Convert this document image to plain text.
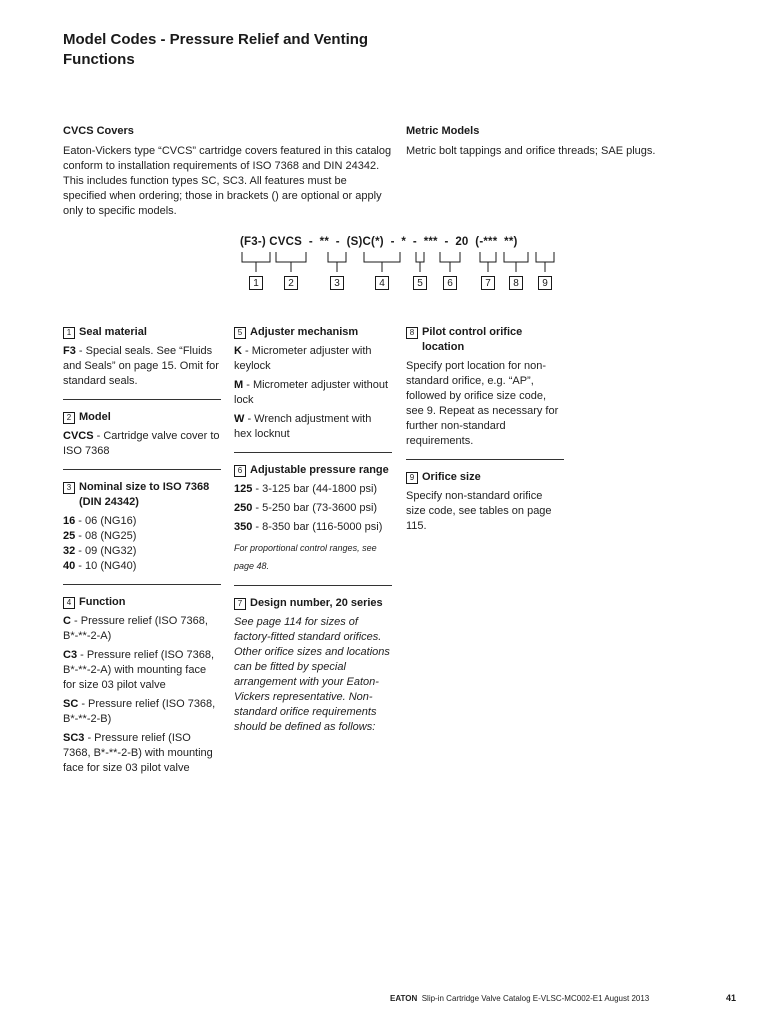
Model Codes - Pressure Relief and Venting Functions

CVCS Covers

Eaton-Vickers type “CVCS” cartridge covers featured in this catalog conform to installation requirements of ISO 7368 and DIN 24342. This includes function types SC, SC3. All features must be specified when ordering; those in brackets () are optional or apply only to specific models.

Metric Models

Metric bolt tappings and orifice threads; SAE plugs.

(F3-) CVCS  -  **  -  (S)C(*)  -  *  -  ***  -  20  (-***  **)
1	2	3	4	5	6	7	8	9
1 Seal material

F3 - Special seals. See “Fluids and Seals” on page 15. Omit for standard seals.

2 Model

CVCS - Cartridge valve cover to ISO 7368

3 Nominal size to ISO 7368 (DIN 24342)

16 - 06 (NG16)

25 - 08 (NG25)

32 - 09 (NG32)

40 - 10 (NG40)

4 Function

C - Pressure relief (ISO 7368, B*-**-2-A)

C3 - Pressure relief (ISO 7368, B*-**-2-A) with mounting face for size 03 pilot valve

SC - Pressure relief (ISO 7368, B*-**-2-B)

SC3 - Pressure relief (ISO 7368, B*-**-2-B) with mounting face for size 03 pilot valve

5 Adjuster mechanism

K - Micrometer adjuster with keylock

M - Micrometer adjuster without lock

W - Wrench adjustment with hex locknut

6 Adjustable pressure range

125 - 3-125 bar (44-1800 psi)

250 - 5-250 bar (73-3600 psi)

350 - 8-350 bar (116-5000 psi)

For proportional control ranges, see page 48.

7 Design number, 20 series

See page 114 for sizes of factory-fitted standard orifices. Other orifice sizes and locations can be fitted by special arrangement with your Eaton-Vickers representative. Non-standard orifice requirements should be defined as follows:

8 Pilot control orifice location

Specify port location for non-standard orifice, e.g. “AP”, followed by orifice size code, see 9. Repeat as necessary for further non-standard requirements.

9 Orifice size

Specify non-standard orifice size code, see tables on page 115.

EATON Slip-in Cartridge Valve Catalog E-VLSC-MC002-E1 August 2013	41
